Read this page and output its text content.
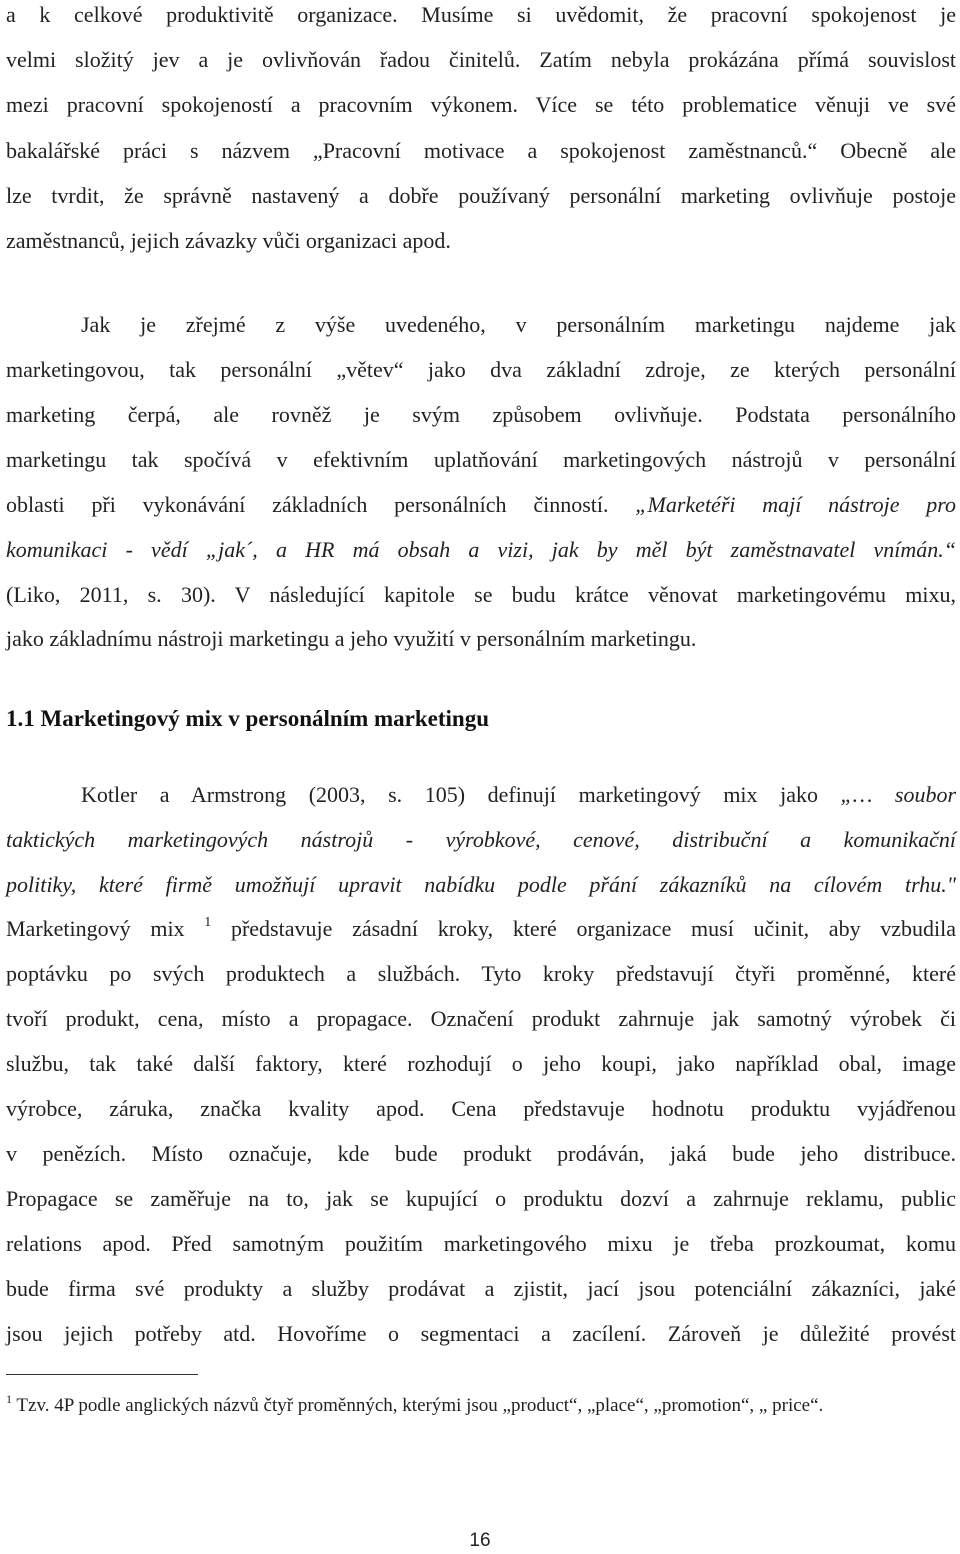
a k celkové produktivitě organizace. Musíme si uvědomit, že pracovní spokojenost je

velmi složitý jev a je ovlivňován řadou činitelů. Zatím nebyla prokázána přímá souvislost

mezi pracovní spokojeností a pracovním výkonem. Více se této problematice věnuji ve své

bakalářské práci s názvem „Pracovní motivace a spokojenost zaměstnanců.“ Obecně ale

lze tvrdit, že správně nastavený a dobře používaný personální marketing ovlivňuje postoje

zaměstnanců, jejich závazky vůči organizaci apod.

Jak je zřejmé z výše uvedeného, v personálním marketingu najdeme jak

marketingovou, tak personální „větev“ jako dva základní zdroje, ze kterých personální

marketing čerpá, ale rovněž je svým způsobem ovlivňuje. Podstata personálního

marketingu tak spočívá v efektivním uplatňování marketingových nástrojů v personální

oblasti při vykonávání základních personálních činností. „Marketéři mají nástroje pro

komunikaci - vědí „jak´, a HR má obsah a vizi, jak by měl být zaměstnavatel vnímán.“

(Liko, 2011, s. 30). V následující kapitole se budu krátce věnovat marketingovému mixu,

jako základnímu nástroji marketingu a jeho využití v personálním marketingu.

1.1 Marketingový mix v personálním marketingu

Kotler a Armstrong (2003, s. 105) definují marketingový mix jako „… soubor

taktických marketingových nástrojů - výrobkové, cenové, distribuční a komunikační

politiky, které firmě umožňují upravit nabídku podle přání zákazníků na cílovém trhu."

Marketingový mix $^1$ představuje zásadní kroky, které organizace musí učinit, aby vzbudila

poptávku po svých produktech a službách. Tyto kroky představují čtyři proměnné, které

tvoří produkt, cena, místo a propagace. Označení produkt zahrnuje jak samotný výrobek či

službu, tak také další faktory, které rozhodují o jeho koupi, jako například obal, image

výrobce, záruka, značka kvality apod. Cena představuje hodnotu produktu vyjádřenou

v penězích. Místo označuje, kde bude produkt prodáván, jaká bude jeho distribuce.

Propagace se zaměřuje na to, jak se kupující o produktu dozví a zahrnuje reklamu, public

relations apod. Před samotným použitím marketingového mixu je třeba prozkoumat, komu

bude firma své produkty a služby prodávat a zjistit, jací jsou potenciální zákazníci, jaké

jsou jejich potřeby atd. Hovoříme o segmentaci a zacílení. Zároveň je důležité provést

$^1$ Tzv. 4P podle anglických názvů čtyř proměnných, kterými jsou „product“, „place“, „promotion“, „ price“.
16
